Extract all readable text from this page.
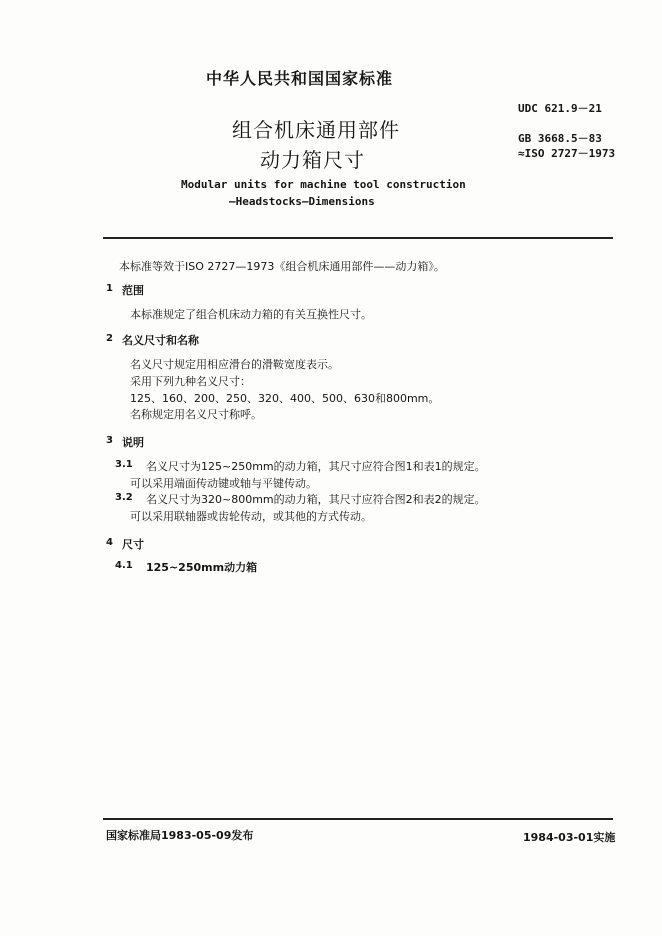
中华人民共和国国家标准
组合机床通用部件
动力箱尺寸
Modular units for machine tool construction
—Headstocks—Dimensions
UDC 621.9－21
GB 3668.5－83
≈ISO 2727－1973
本标准等效于ISO 2727—1973《组合机床通用部件——动力箱》。
1 范围
本标准规定了组合机床动力箱的有关互换性尺寸。
2 名义尺寸和名称
名义尺寸规定用相应滑台的滑鞍宽度表示。
采用下列九种名义尺寸：
125、160、200、250、320、400、500、630和800mm。
名称规定用名义尺寸称呼。
3 说明
3.1 名义尺寸为125~250mm的动力箱，其尺寸应符合图1和表1的规定。
可以采用端面传动键或轴与平键传动。
3.2 名义尺寸为320~800mm的动力箱，其尺寸应符合图2和表2的规定。
可以采用联轴器或齿轮传动，或其他的方式传动。
4 尺寸
4.1 125~250mm动力箱
国家标准局1983-05-09发布	1984-03-01实施
